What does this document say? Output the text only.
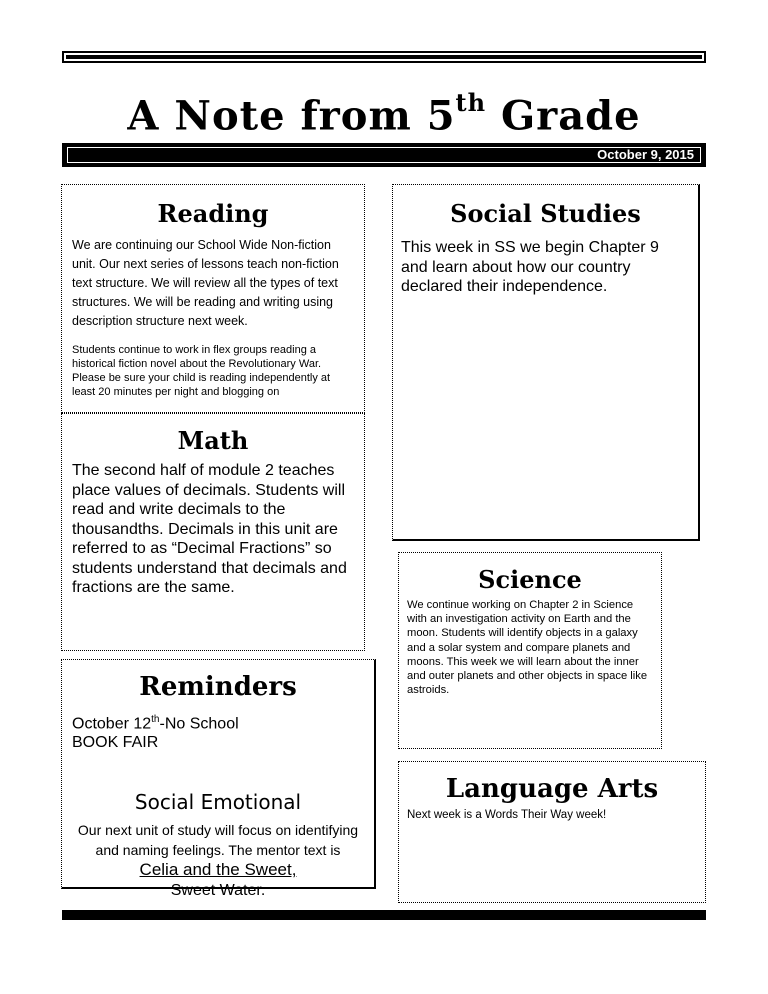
A Note from 5th Grade
October 9, 2015
Reading
We are continuing our School Wide Non-fiction unit. Our next series of lessons teach non-fiction text structure. We will review all the types of text structures. We will be reading and writing using description structure next week.
Students continue to work in flex groups reading a historical fiction novel about the Revolutionary War. Please be sure your child is reading independently at least 20 minutes per night and blogging on
Math
The second half of module 2 teaches place values of decimals. Students will read and write decimals to the thousandths. Decimals in this unit are referred to as “Decimal Fractions” so students understand that decimals and fractions are the same.
Reminders
October 12th-No School
BOOK FAIR
Social Emotional
Our next unit of study will focus on identifying and naming feelings. The mentor text is Celia and the Sweet,
Sweet Water.
Social Studies
This week in SS we begin Chapter 9 and learn about how our country declared their independence.
Science
We continue working on Chapter 2 in Science with an investigation activity on Earth and the moon. Students will identify objects in a galaxy and a solar system and compare planets and moons. This week we will learn about the inner and outer planets and other objects in space like astroids.
Language Arts
Next week is a Words Their Way week!
